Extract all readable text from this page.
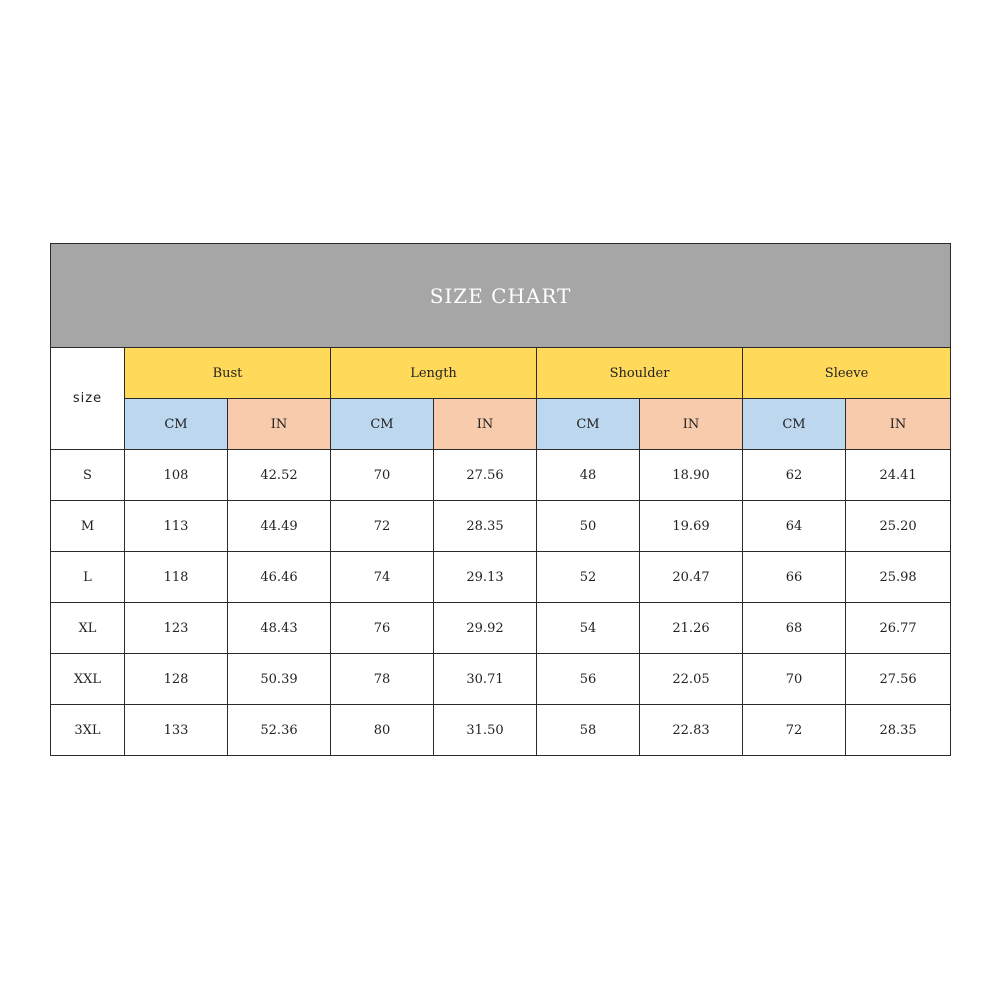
SIZE CHART								
size	Bust		Length		Shoulder		Sleeve	
	CM	IN	CM	IN	CM	IN	CM	IN
S	108	42.52	70	27.56	48	18.90	62	24.41
M	113	44.49	72	28.35	50	19.69	64	25.20
L	118	46.46	74	29.13	52	20.47	66	25.98
XL	123	48.43	76	29.92	54	21.26	68	26.77
XXL	128	50.39	78	30.71	56	22.05	70	27.56
3XL	133	52.36	80	31.50	58	22.83	72	28.35
